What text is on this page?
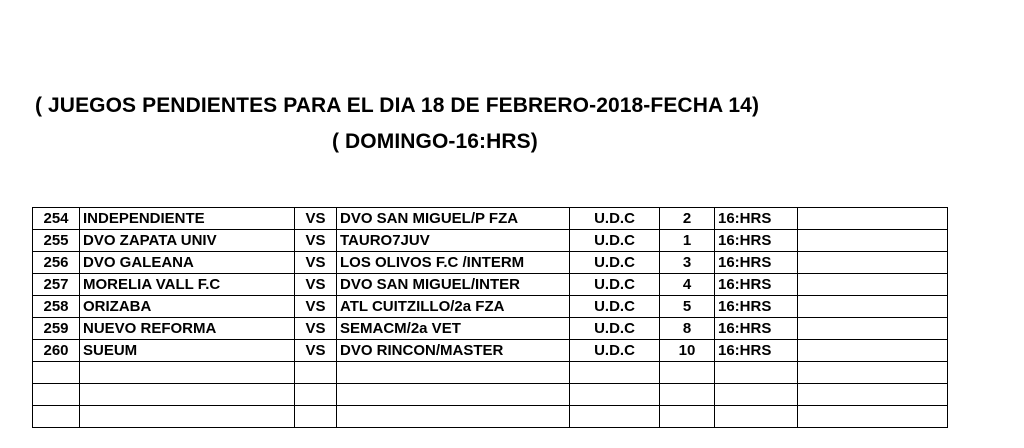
( JUEGOS PENDIENTES PARA EL DIA 18 DE FEBRERO-2018-FECHA 14)
( DOMINGO-16:HRS)
254	INDEPENDIENTE	VS	DVO SAN MIGUEL/P FZA	U.D.C	2	16:HRS	
255	DVO ZAPATA UNIV	VS	TAURO7JUV	U.D.C	1	16:HRS	
256	DVO GALEANA	VS	LOS OLIVOS F.C /INTERM	U.D.C	3	16:HRS	
257	MORELIA VALL F.C	VS	DVO SAN MIGUEL/INTER	U.D.C	4	16:HRS	
258	ORIZABA	VS	ATL CUITZILLO/2a FZA	U.D.C	5	16:HRS	
259	NUEVO REFORMA	VS	SEMACM/2a VET	U.D.C	8	16:HRS	
260	SUEUM	VS	DVO RINCON/MASTER	U.D.C	10	16:HRS	
